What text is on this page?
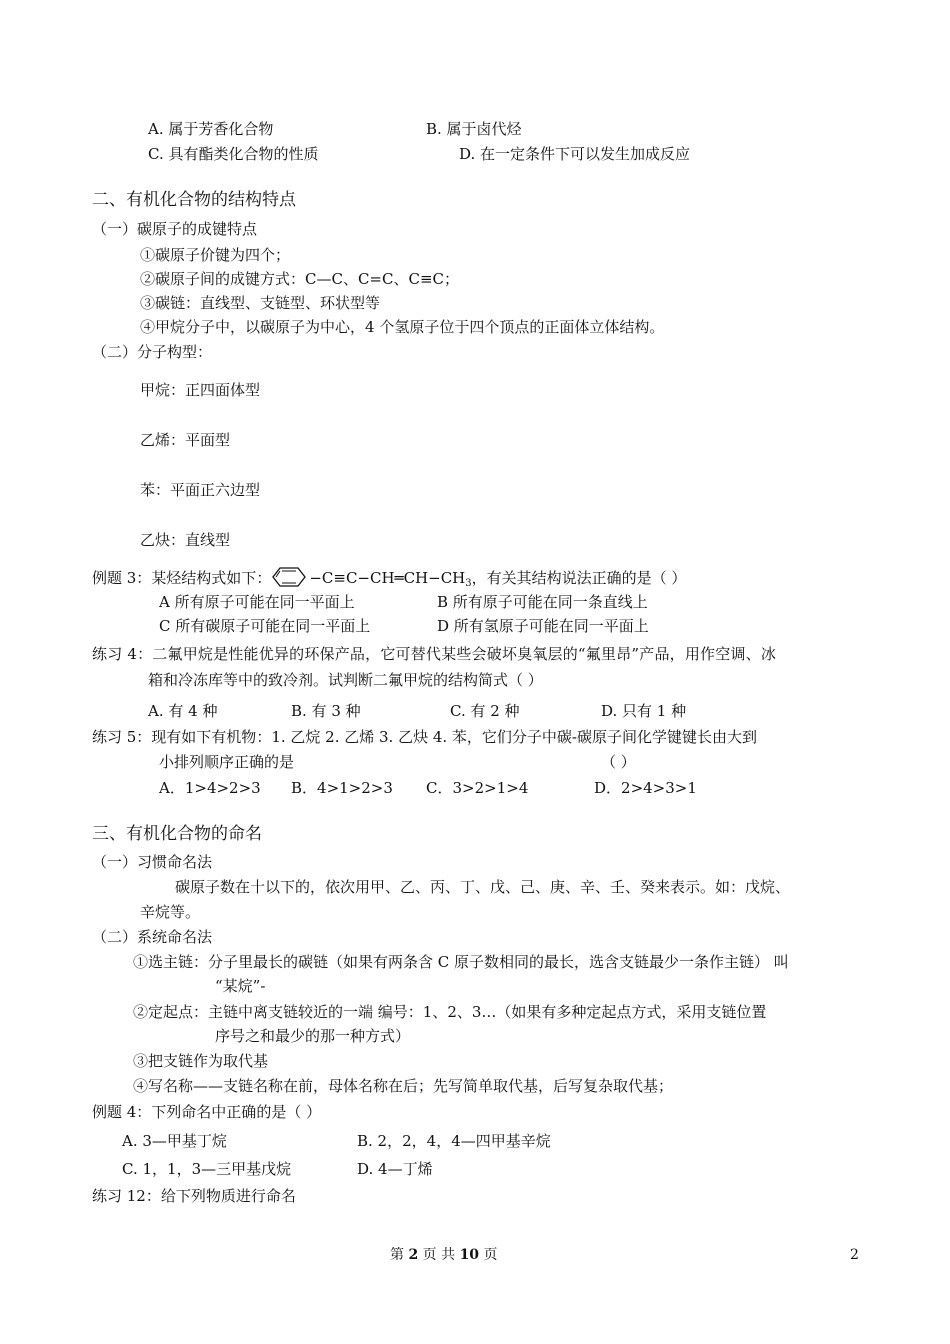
A. 属于芳香化合物	B. 属于卤代烃
C. 具有酯类化合物的性质	D. 在一定条件下可以发生加成反应
二、有机化合物的结构特点
（一）碳原子的成键特点
①碳原子价键为四个；
②碳原子间的成键方式：C—C、C=C、C≡C；
③碳链：直线型、支链型、环状型等
④甲烷分子中，以碳原子为中心，4 个氢原子位于四个顶点的正面体立体结构。
（二）分子构型：
甲烷：正四面体型
乙烯：平面型
苯：平面正六边型
乙炔：直线型
例题 3：某烃结构式如下：	$-C\equiv C-CH═CH-CH_3$，有关其结构说法正确的是（ ）
A 所有原子可能在同一平面上	B 所有原子可能在同一条直线上
C 所有碳原子可能在同一平面上	D 所有氢原子可能在同一平面上
练习 4：二氟甲烷是性能优异的环保产品，它可替代某些会破坏臭氧层的“氟里昂”产品，用作空调、冰
箱和冷冻库等中的致冷剂。试判断二氟甲烷的结构简式（ ）
A. 有 4 种	B. 有 3 种	C. 有 2 种	D. 只有 1 种
练习 5：现有如下有机物：1. 乙烷 2. 乙烯 3. 乙炔 4. 苯，它们分子中碳-碳原子间化学键键长由大到
小排列顺序正确的是	（ ）
A．1>4>2>3 B．4>1>2>3 C．3>2>1>4	D．2>4>3>1
三、有机化合物的命名
（一）习惯命名法
碳原子数在十以下的，依次用甲、乙、丙、丁、戊、己、庚、辛、壬、癸来表示。如：戊烷、
辛烷等。
（二）系统命名法
①选主链：分子里最长的碳链（如果有两条含 C 原子数相同的最长，选含支链最少一条作主链） 叫
“某烷”-
②定起点：主链中离支链较近的一端 编号：1、2、3…（如果有多种定起点方式，采用支链位置
序号之和最少的那一种方式）
③把支链作为取代基
④写名称——支链名称在前，母体名称在后；先写简单取代基，后写复杂取代基；
例题 4：下列命名中正确的是（ ）
A. 3—甲基丁烷	B. 2，2，4，4—四甲基辛烷
C. 1，1，3—三甲基戊烷	D. 4—丁烯
练习 12：给下列物质进行命名
第 2 页 共 10 页	2
